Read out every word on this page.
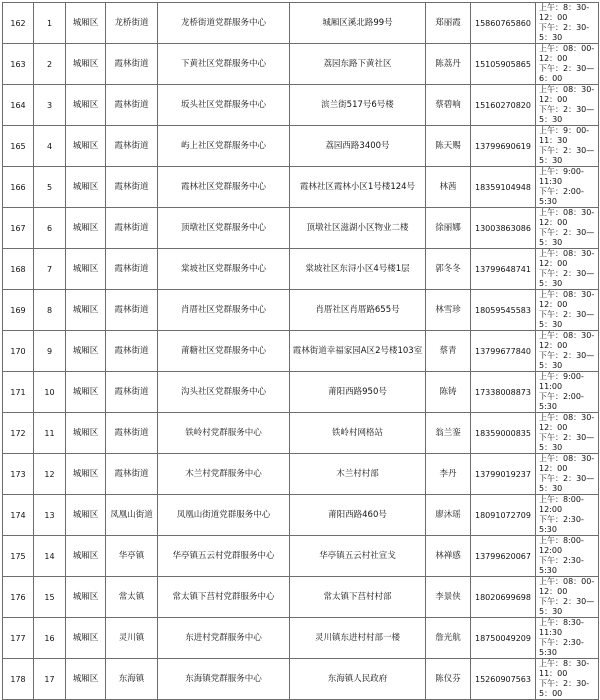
162	1	城厢区	龙桥街道	龙桥街道党群服务中心	城厢区溪北路99号	郑丽霞	15860765860	上午：8：30-12：00
下午：2：30-5：30
163	2	城厢区	霞林街道	下黄社区党群服务中心	荔园东路下黄社区	陈荔丹	15105905865	上午：08：00-12：00
下午：2：30—6：00
164	3	城厢区	霞林街道	坂头社区党群服务中心	滨兰街517号6号楼	蔡碧响	15160270820	上午：08：30-12：00
下午：2：30—5：30
165	4	城厢区	霞林街道	屿上社区党群服务中心	荔园西路3400号	陈天赐	13799690619	上午：9：00-11：30
下午：2：30—5：30
166	5	城厢区	霞林街道	霞林社区党群服务中心	霞林社区霞林小区1号楼124号	林茜	18359104948	上午：9:00-11:30
下午：2:00-5:30
167	6	城厢区	霞林街道	顶墩社区党群服务中心	顶墩社区滋湖小区物业二楼	徐丽娜	13003863086	上午：08：30-12：00
下午：2：30—5：30
168	7	城厢区	霞林街道	棠坡社区党群服务中心	棠坡社区东浔小区4号楼1层	郭冬冬	13799648741	上午：08：30-12：00
下午：2：30—5：30
169	8	城厢区	霞林街道	肖厝社区党群服务中心	肖厝社区肖厝路655号	林雪珍	18059545583	上午：08：30-12：00
下午：2：30—5：30
170	9	城厢区	霞林街道	莆糖社区党群服务中心	霞林街道幸福家园A区2号楼103室	蔡青	13799677840	上午：08：30-12：00
下午：2：30—5：30
171	10	城厢区	霞林街道	沟头社区党群服务中心	莆阳西路950号	陈铸	17338008873	上午：9:00-11:00
下午：2:00-5:30
172	11	城厢区	霞林街道	铁岭村党群服务中心	铁岭村网格站	翁兰銮	18359000835	上午：08：30-12：00
下午：2：30—5：30
173	12	城厢区	霞林街道	木兰村党群服务中心	木兰村村部	李丹	13799019237	上午：08：30-12：00
下午：2：30—5：30
174	13	城厢区	凤凰山街道	凤凰山街道党群服务中心	莆阳西路460号	廖沐瑶	18091072709	上午：8:00-12:00
下午：2:30-5:30
175	14	城厢区	华亭镇	华亭镇五云村党群服务中心	华亭镇五云村社宣戈	林禅感	13799620067	上午：8:00-12:00
下午：2:30-5:30
176	15	城厢区	常太镇	常太镇下莒村党群服务中心	常太镇下莒村村部	李景侠	18020699698	上午：08：00-12：00
下午：2：30—5：30
177	16	城厢区	灵川镇	东进村党群服务中心	灵川镇东进村村部一楼	詹光航	18750049209	上午：8:30-11:30
下午：2:30-5:30
178	17	城厢区	东海镇	东海镇党群服务中心	东海镇人民政府	陈仪芬	15260907563	上午：8：30-11：00
下午：2：30-5：00
